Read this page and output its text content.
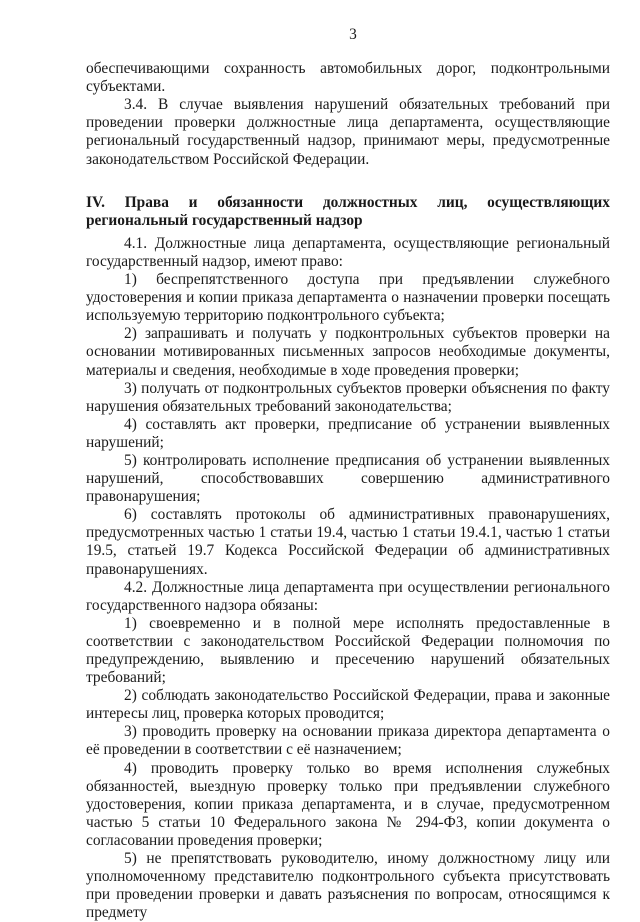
3

обеспечивающими сохранность автомобильных дорог, подконтрольными субъектами.

3.4. В случае выявления нарушений обязательных требований при проведении проверки должностные лица департамента, осуществляющие региональный государственный надзор, принимают меры, предусмотренные законодательством Российской Федерации.

IV. Права и обязанности должностных лиц, осуществляющих региональный государственный надзор

4.1. Должностные лица департамента, осуществляющие региональный государственный надзор, имеют право:

1) беспрепятственного доступа при предъявлении служебного удостоверения и копии приказа департамента о назначении проверки посещать используемую территорию подконтрольного субъекта;

2) запрашивать и получать у подконтрольных субъектов проверки на основании мотивированных письменных запросов необходимые документы, материалы и сведения, необходимые в ходе проведения проверки;

3) получать от подконтрольных субъектов проверки объяснения по факту нарушения обязательных требований законодательства;

4) составлять акт проверки, предписание об устранении выявленных нарушений;

5) контролировать исполнение предписания об устранении выявленных нарушений, способствовавших совершению административного правонарушения;

6) составлять протоколы об административных правонарушениях, предусмотренных частью 1 статьи 19.4, частью 1 статьи 19.4.1, частью 1 статьи 19.5, статьей 19.7 Кодекса Российской Федерации об административных правонарушениях.

4.2. Должностные лица департамента при осуществлении регионального государственного надзора обязаны:

1) своевременно и в полной мере исполнять предоставленные в соответствии с законодательством Российской Федерации полномочия по предупреждению, выявлению и пресечению нарушений обязательных требований;

2) соблюдать законодательство Российской Федерации, права и законные интересы лиц, проверка которых проводится;

3) проводить проверку на основании приказа директора департамента о её проведении в соответствии с её назначением;

4) проводить проверку только во время исполнения служебных обязанностей, выездную проверку только при предъявлении служебного удостоверения, копии приказа департамента, и в случае, предусмотренном частью 5 статьи 10 Федерального закона № 294-ФЗ, копии документа о согласовании проведения проверки;

5) не препятствовать руководителю, иному должностному лицу или уполномоченному представителю подконтрольного субъекта присутствовать при проведении проверки и давать разъяснения по вопросам, относящимся к предмету
